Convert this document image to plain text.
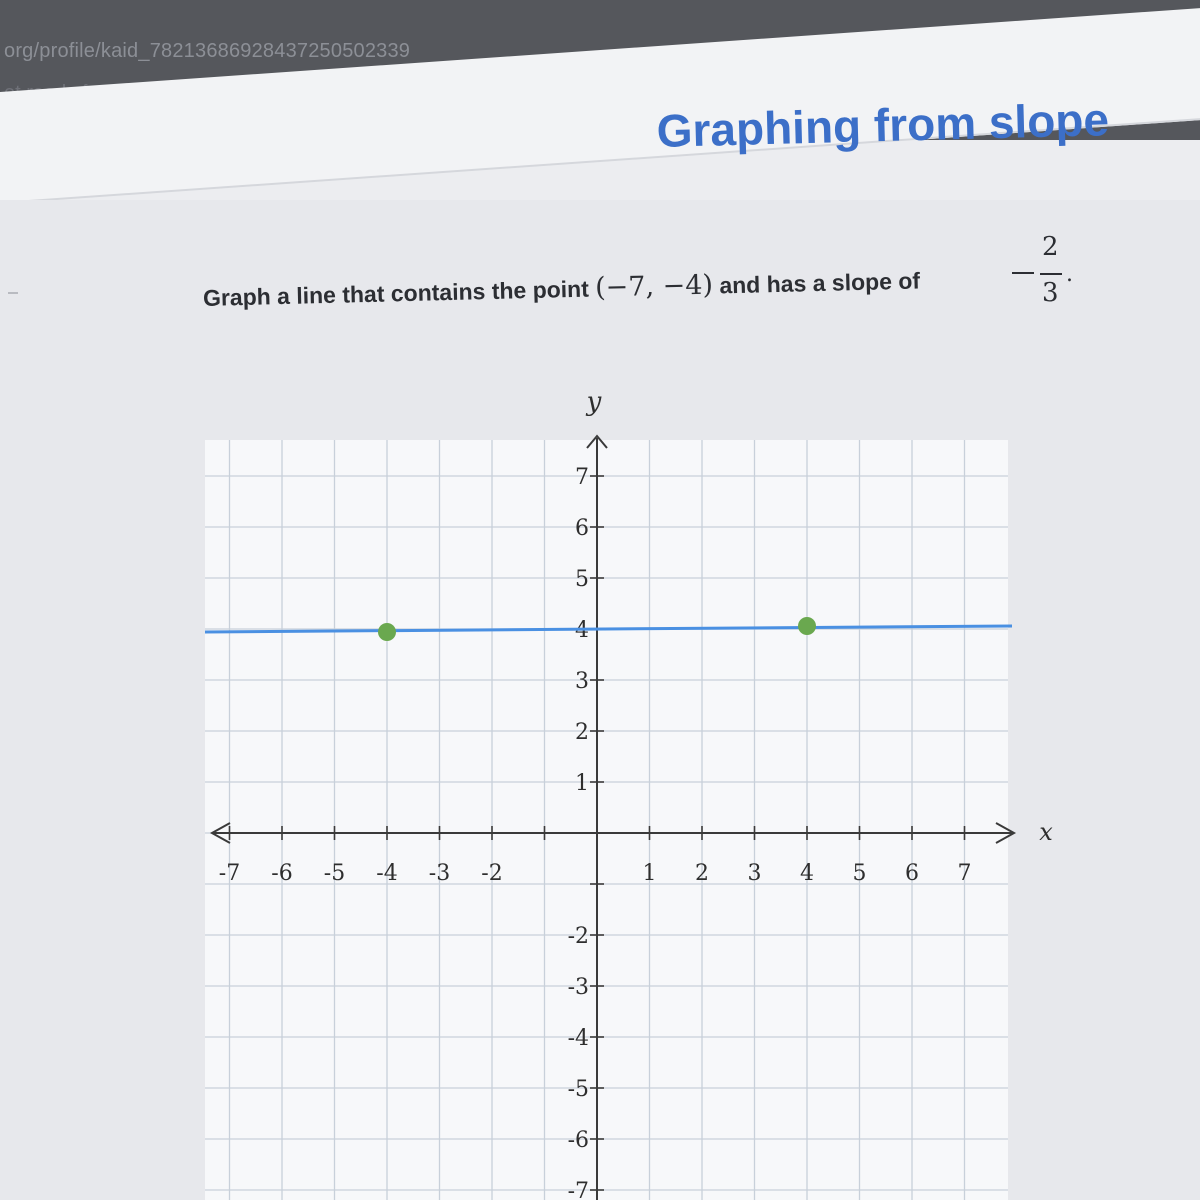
org/profile/kaid_78213686928437250502339
Graphing from slope
Graph a line that contains the point (−7, −4) and has a slope of
2
3
.
-7 -6 -5 -4 -3 -2	1 2 3 4 5 6 7
7
6
5
3
2
1
-2
-3
-4
-5
-6
-7
x
y
